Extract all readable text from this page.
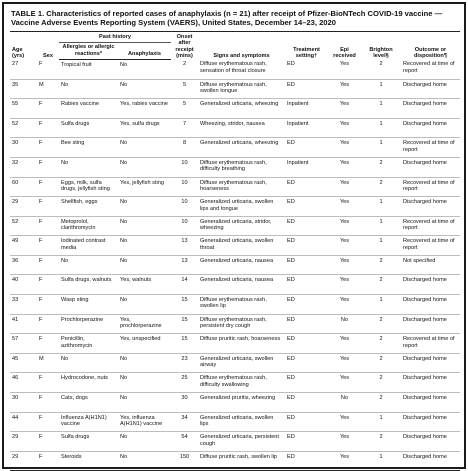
TABLE 1. Characteristics of reported cases of anaphylaxis (n = 21) after receipt of Pfizer-BioNTech COVID-19 vaccine — Vaccine Adverse Events Reporting System (VAERS), United States, December 14–23, 2020
Age (yrs)	Sex	Past history		Onset after receipt (mins)	Signs and symptoms	Treatment setting†	Epi received	Brighton level§	Outcome or disposition¶
		Allergies or allergic reactions*	Anaphylaxis						
27	F	Tropical fruit	No	2	Diffuse erythematous rash, sensation of throat closure	ED	Yes	2	Recovered at time of report
35	M	No	No	5	Diffuse erythematous rash, swollen tongue	ED	Yes	1	Discharged home
55	F	Rabies vaccine	Yes, rabies vaccine	5	Generalized urticaria, wheezing	Inpatient	Yes	1	Discharged home
52	F	Sulfa drugs	Yes, sulfa drugs	7	Wheezing, stridor, nausea	Inpatient	Yes	1	Discharged home
30	F	Bee sting	No	8	Generalized urticaria, wheezing	ED	Yes	1	Recovered at time of report
32	F	No	No	10	Diffuse erythematous rash, difficulty breathing	Inpatient	Yes	2	Discharged home
60	F	Eggs, milk, sulfa drugs, jellyfish sting	Yes, jellyfish sting	10	Diffuse erythematous rash, hoarseness	ED	Yes	2	Recovered at time of report
29	F	Shellfish, eggs	No	10	Generalized urticaria, swollen lips and tongue	ED	Yes	1	Discharged home
52	F	Metoprolol, clarithromycin	No	10	Generalized urticaria, stridor, wheezing	ED	Yes	1	Recovered at time of report
49	F	Iodinated contrast media	No	13	Generalized urticaria, swollen throat	ED	Yes	1	Recovered at time of report
36	F	No	No	13	Generalized urticaria, nausea	ED	Yes	2	Not specified
40	F	Sulfa drugs, walnuts	Yes, walnuts	14	Generalized urticaria, nausea	ED	Yes	2	Discharged home
33	F	Wasp sting	No	15	Diffuse erythematous rash, swollen lip	ED	Yes	1	Discharged home
41	F	Prochlorperazine	Yes, prochlorperazine	15	Diffuse erythematous rash, persistent dry cough	ED	No	2	Discharged home
57	F	Penicillin, azithromycin	Yes, unspecified	15	Diffuse pruritic rash, hoarseness	ED	Yes	2	Recovered at time of report
45	M	No	No	23	Generalized urticaria, swollen airway	ED	Yes	2	Discharged home
46	F	Hydrocodone, nuts	No	25	Diffuse erythematous rash, difficulty swallowing	ED	Yes	2	Discharged home
30	F	Cats, dogs	No	30	Generalized pruritis, wheezing	ED	No	2	Discharged home
44	F	Influenza A(H1N1) vaccine	Yes, influenza A(H1N1) vaccine	34	Generalized urticaria, swollen lips	ED	Yes	1	Discharged home
29	F	Sulfa drugs	No	54	Generalized urticaria, persistent cough	ED	Yes	2	Discharged home
29	F	Steroids	No	150	Diffuse pruritic rash, swollen lip	ED	Yes	1	Discharged home
